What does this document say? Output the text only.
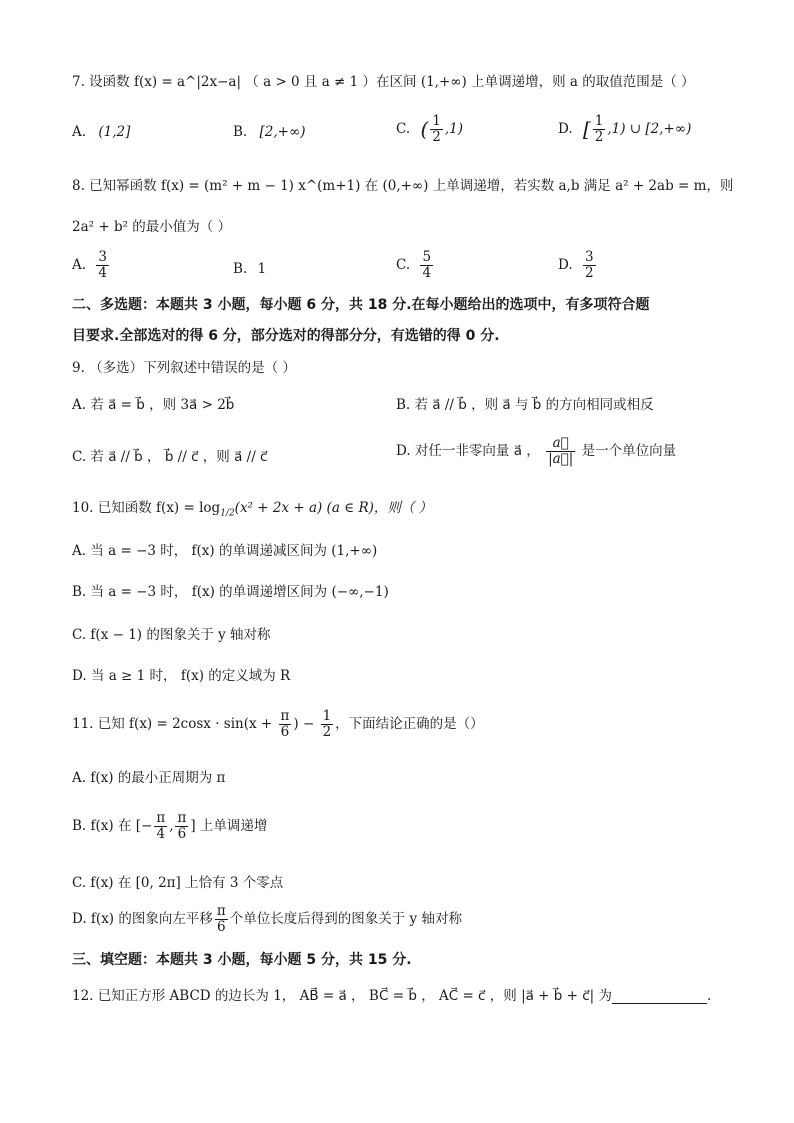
7. 设函数 f(x) = a^|2x−a| （ a > 0 且 a ≠ 1 ）在区间 (1,+∞) 上单调递增，则 a 的取值范围是（ ）
A. (1,2]	B. [2,+∞)	C. ( $\frac{1}{2} ,1$)	D. [ $\frac{1}{2} ,1$) ∪ [2,+∞)
8. 已知幂函数 f(x) = (m² + m − 1) x^(m+1) 在 (0,+∞) 上单调递增，若实数 a,b 满足 a² + 2ab = m，则
2a² + b² 的最小值为（ ）
A. $\frac{3}{4}$	B. 1	C. $\frac{5}{4}$	D. $\frac{3}{2}$
二、多选题：本题共 3 小题，每小题 6 分，共 18 分.在每小题给出的选项中，有多项符合题
目要求.全部选对的得 6 分，部分选对的得部分分，有选错的得 0 分.
9. （多选）下列叙述中错误的是（ ）
A. 若 a⃗ = b⃗ ，则 3a⃗ > 2b⃗	B. 若 a⃗ // b⃗ ，则 a⃗ 与 b⃗ 的方向相同或相反
C. 若 a⃗ // b⃗ ， b⃗ // c⃗ ，则 a⃗ // c⃗	D. 对任一非零向量 a⃗ ， $\frac{a⃗}{|a⃗|}$ 是一个单位向量
10. 已知函数 $f(x) = \log_{1/2}(x^2 + 2x + a)$ (a ∈ R)，则（ ）
A. 当 a = −3 时， f(x) 的单调递减区间为 (1,+∞)
B. 当 a = −3 时， f(x) 的单调递增区间为 (−∞,−1)
C. f(x − 1) 的图象关于 y 轴对称
D. 当 a ≥ 1 时， f(x) 的定义域为 R
11. 已知 $f(x) = 2\cos x \cdot \sin(x + \frac{\pi}{6}$ ) − $\frac{1}{2}$ ，下面结论正确的是（）
A. f(x) 的最小正周期为 π
B. f(x) 在 [− $\frac{\pi}{4}$ , $\frac{\pi}{6}$ ] 上单调递增
C. f(x) 在 [0, 2π] 上恰有 3 个零点
D. f(x) 的图象向左平移 $\frac{\pi}{6}$ 个单位长度后得到的图象关于 y 轴对称
三、填空题：本题共 3 小题，每小题 5 分，共 15 分.
12. 已知正方形 ABCD 的边长为 1， AB⃗ = a⃗ ， BC⃗ = b⃗ ， AC⃗ = c⃗ ，则 |a⃗ + b⃗ + c⃗| 为	.
